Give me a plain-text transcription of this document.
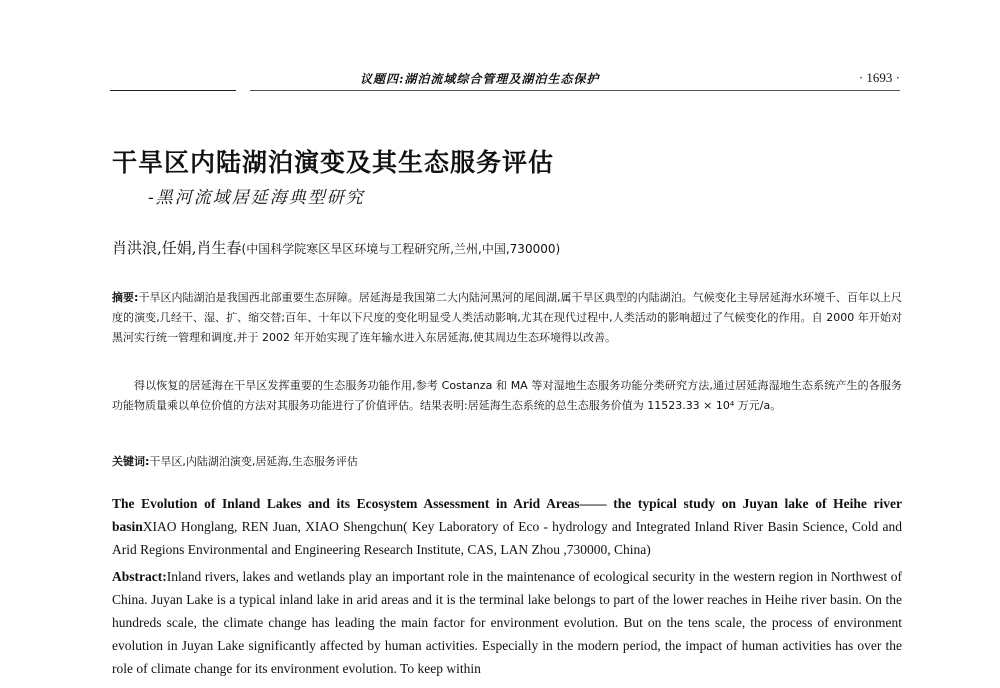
议题四:湖泊流域综合管理及湖泊生态保护	· 1693 ·
干旱区内陆湖泊演变及其生态服务评估
-黑河流域居延海典型研究
肖洪浪,任娟,肖生春(中国科学院寒区旱区环境与工程研究所,兰州,中国,730000)

摘要:干旱区内陆湖泊是我国西北部重要生态屏障。居延海是我国第二大内陆河黑河的尾闾湖,属干旱区典型的内陆湖泊。气候变化主导居延海水环境千、百年以上尺度的演变,几经干、湿、扩、缩交替;百年、十年以下尺度的变化明显受人类活动影响,尤其在现代过程中,人类活动的影响超过了气候变化的作用。自 2000 年开始对黑河实行统一管理和调度,并于 2002 年开始实现了连年输水进入东居延海,使其周边生态环境得以改善。

得以恢复的居延海在干旱区发挥重要的生态服务功能作用,参考 Costanza 和 MA 等对湿地生态服务功能分类研究方法,通过居延海湿地生态系统产生的各服务功能物质量乘以单位价值的方法对其服务功能进行了价值评估。结果表明:居延海生态系统的总生态服务价值为 11523.33 × 10⁴ 万元/a。

关键词:干旱区,内陆湖泊演变,居延海,生态服务评估

The Evolution of Inland Lakes and its Ecosystem Assessment in Arid Areas—— the typical study on Juyan lake of Heihe river basinXIAO Honglang, REN Juan, XIAO Shengchun( Key Laboratory of Eco - hydrology and Integrated Inland River Basin Science, Cold and Arid Regions Environmental and Engineering Research Institute, CAS, LAN Zhou ,730000, China)

Abstract:Inland rivers, lakes and wetlands play an important role in the maintenance of ecological security in the western region in Northwest of China. Juyan Lake is a typical inland lake in arid areas and it is the terminal lake belongs to part of the lower reaches in Heihe river basin. On the hundreds scale, the climate change has leading the main factor for environment evolution. But on the tens scale, the process of environment evolution in Juyan Lake significantly affected by human activities. Especially in the modern period, the impact of human activities has over the role of climate change for its environment evolution. To keep within
